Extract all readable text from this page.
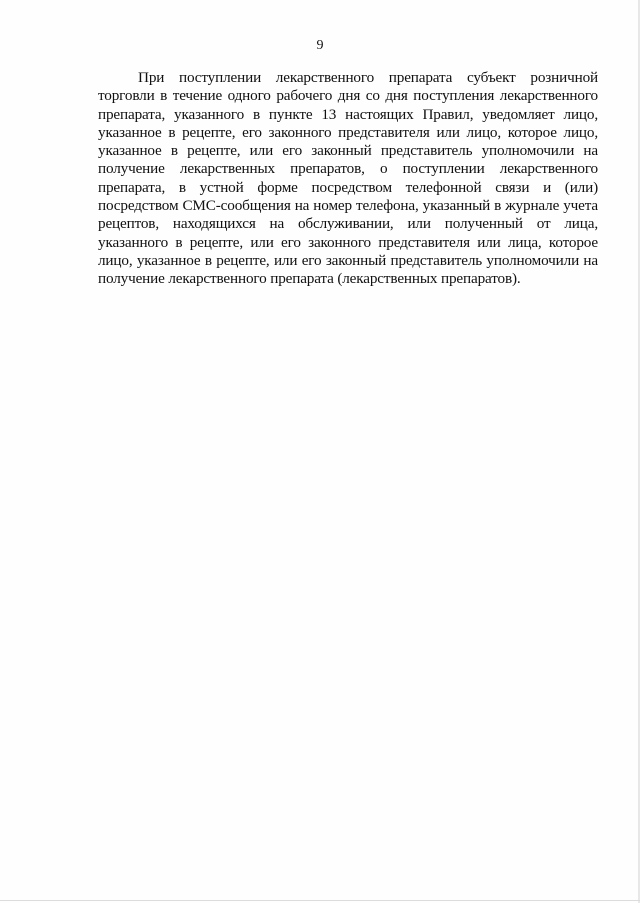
9

При поступлении лекарственного препарата субъект розничной торговли в течение одного рабочего дня со дня поступления лекарственного препарата, указанного в пункте 13 настоящих Правил, уведомляет лицо, указанное в рецепте, его законного представителя или лицо, которое лицо, указанное в рецепте, или его законный представитель уполномочили на получение лекарственных препаратов, о поступлении лекарственного препарата, в устной форме посредством телефонной связи и (или) посредством СМС-сообщения на номер телефона, указанный в журнале учета рецептов, находящихся на обслуживании, или полученный от лица, указанного в рецепте, или его законного представителя или лица, которое лицо, указанное в рецепте, или его законный представитель уполномочили на получение лекарственного препарата (лекарственных препаратов).
